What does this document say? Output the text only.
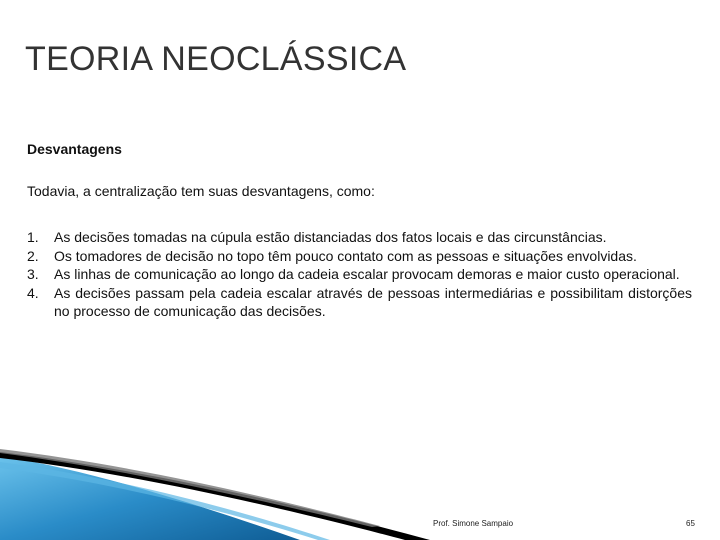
TEORIA NEOCLÁSSICA
Desvantagens
Todavia, a centralização tem suas desvantagens, como:
1. As decisões tomadas na cúpula estão distanciadas dos fatos locais e das circunstâncias.
2. Os tomadores de decisão no topo têm pouco contato com as pessoas e situações envolvidas.
3. As linhas de comunicação ao longo da cadeia escalar provocam demoras e maior custo operacional.
4. As decisões passam pela cadeia escalar através de pessoas intermediárias e possibilitam distorções no processo de comunicação das decisões.
Prof. Simone Sampaio	65
